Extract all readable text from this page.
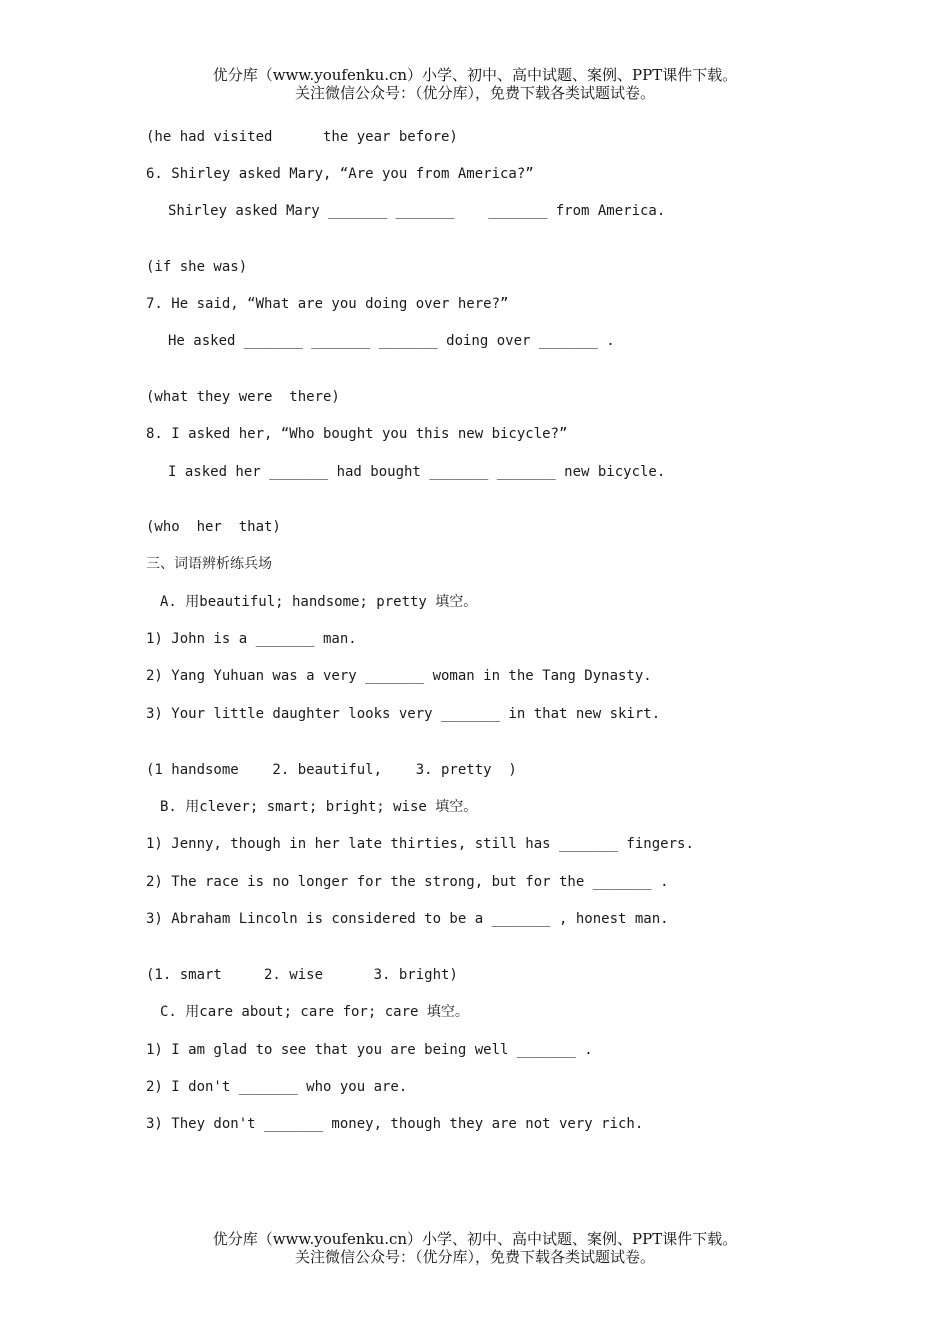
优分库（www.youfenku.cn）小学、初中、高中试题、案例、PPT课件下载。
关注微信公众号：（优分库），免费下载各类试题试卷。
(he had visited      the year before)
6. Shirley asked Mary, “Are you from America?”
Shirley asked Mary _______ _______    _______ from America.
(if she was)
7. He said, “What are you doing over here?”
He asked _______ _______ _______ doing over _______ .
(what they were  there)
8. I asked her, “Who bought you this new bicycle?”
I asked her _______ had bought _______ _______ new bicycle.
(who  her  that)
三、词语辨析练兵场
A. 用beautiful; handsome; pretty 填空。
1) John is a _______ man.
2) Yang Yuhuan was a very _______ woman in the Tang Dynasty.
3) Your little daughter looks very _______ in that new skirt.
(1 handsome    2. beautiful,    3. pretty  )
B. 用clever; smart; bright; wise 填空。
1) Jenny, though in her late thirties, still has _______ fingers.
2) The race is no longer for the strong, but for the _______ .
3) Abraham Lincoln is considered to be a _______ , honest man.
(1. smart     2. wise      3. bright)
C. 用care about; care for; care 填空。
1) I am glad to see that you are being well _______ .
2) I don't _______ who you are.
3) They don't _______ money, though they are not very rich.
优分库（www.youfenku.cn）小学、初中、高中试题、案例、PPT课件下载。
关注微信公众号：（优分库），免费下载各类试题试卷。
